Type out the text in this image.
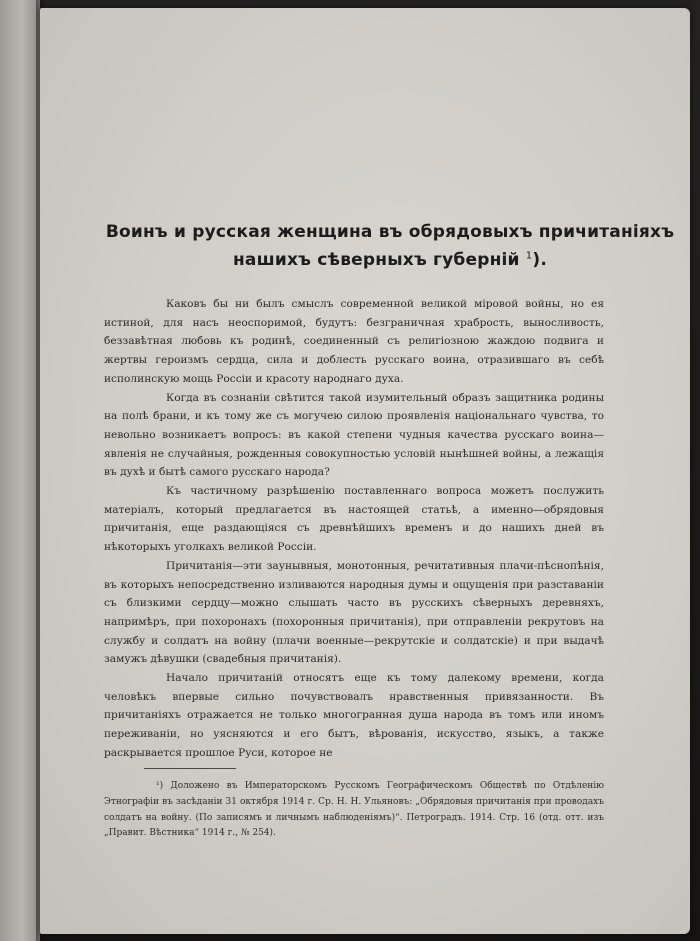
Воинъ и русская женщина въ обрядовыхъ причитаніяхъ
нашихъ сѣверныхъ губерній $^1$).

Каковъ бы ни былъ смыслъ современной великой міровой войны, но ея истиной, для насъ неоспоримой, будутъ: безграничная храбрость, выносливость, беззавѣтная любовь къ родинѣ, соединенный съ религіозною жаждою подвига и жертвы героизмъ сердца, сила и доблесть русскаго воина, отразившаго въ себѣ исполинскую мощь Россіи и красоту народнаго духа.

Когда въ сознаніи свѣтится такой изумительный образъ защитника родины на полѣ брани, и къ тому же съ могучею силою проявленія національнаго чувства, то невольно возникаетъ вопросъ: въ какой степени чудныя качества русскаго воина—явленія не случайныя, рожденныя совокупностью условій нынѣшней войны, а лежащія въ духѣ и бытѣ самого русскаго народа?

Къ частичному разрѣшенію поставленнаго вопроса можетъ послужить матеріалъ, который предлагается въ настоящей статьѣ, а именно—обрядовыя причитанія, еще раздающіяся съ древнѣйшихъ временъ и до нашихъ дней въ нѣкоторыхъ уголкахъ великой Россіи.

Причитанія—эти заунывныя, монотонныя, речитативныя плачи-пѣснопѣнія, въ которыхъ непосредственно изливаются народныя думы и ощущенія при разставаніи съ близкими сердцу—можно слышать часто въ русскихъ сѣверныхъ деревняхъ, напримѣръ, при похоронахъ (похоронныя причитанія), при отправленіи рекрутовъ на службу и солдатъ на войну (плачи военные—рекрутскіе и солдатскіе) и при выдачѣ замужъ дѣвушки (свадебныя причитанія).

Начало причитаній относятъ еще къ тому далекому времени, когда человѣкъ впервые сильно почувствовалъ нравственныя привязанности. Въ причитаніяхъ отражается не только многогранная душа народа въ томъ или иномъ переживаніи, но уясняются и его бытъ, вѣрованія, искусство, языкъ, а также раскрывается прошлое Руси, которое не

¹) Доложено въ Императорскомъ Русскомъ Географическомъ Обществѣ по Отдѣленію Этнографіи въ засѣданіи 31 октября 1914 г. Ср. Н. Н. Ульяновъ: „Обрядовыя причитанія при проводахъ солдатъ на войну. (По записямъ и личнымъ наблюденіямъ)“. Петроградъ. 1914. Стр. 16 (отд. отт. изъ „Правит. Вѣстника“ 1914 г., № 254).
